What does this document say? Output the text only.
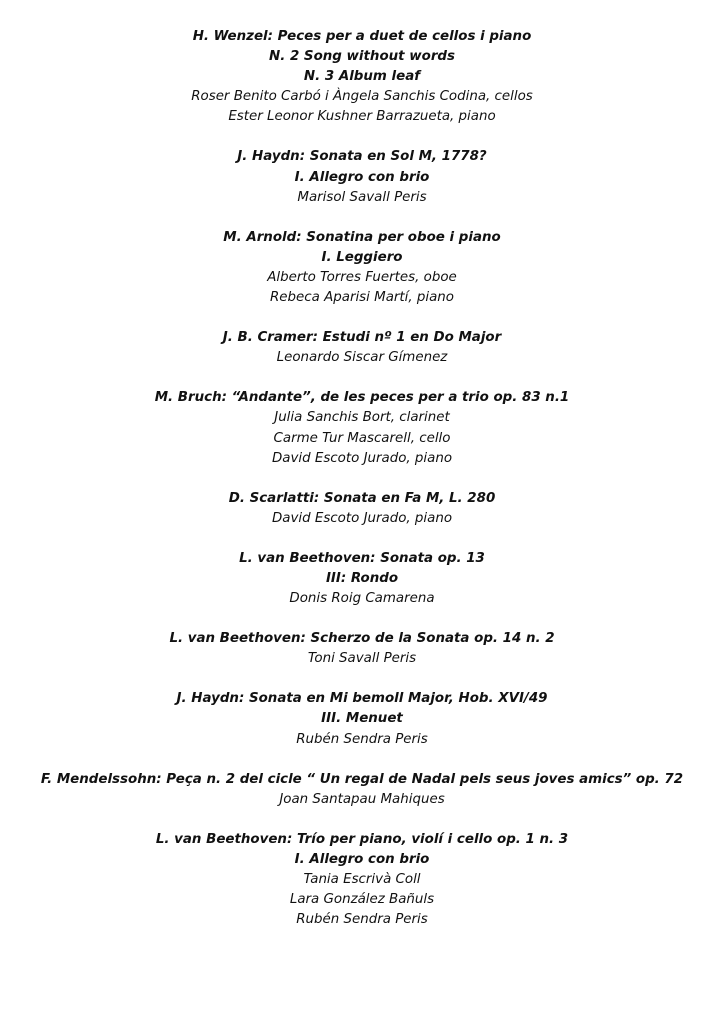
H. Wenzel: Peces per a duet de cellos i piano
N. 2 Song without words
N. 3 Album leaf
Roser Benito Carbó i Àngela Sanchis Codina, cellos
Ester Leonor Kushner Barrazueta, piano
J. Haydn: Sonata en Sol M, 1778?
I. Allegro con brio
Marisol Savall Peris
M. Arnold: Sonatina per oboe i piano
I. Leggiero
Alberto Torres Fuertes, oboe
Rebeca Aparisi Martí, piano
J. B. Cramer: Estudi nº 1 en Do Major
Leonardo Siscar Gímenez
M. Bruch: “Andante”, de les peces per a trio op. 83 n.1
Julia Sanchis Bort, clarinet
Carme Tur Mascarell, cello
David Escoto Jurado, piano
D. Scarlatti: Sonata en Fa M, L. 280
David Escoto Jurado, piano
L. van Beethoven: Sonata op. 13
III: Rondo
Donis Roig Camarena
L. van Beethoven: Scherzo de la Sonata op. 14 n. 2
Toni Savall Peris
J. Haydn: Sonata en Mi bemoll Major, Hob. XVI/49
III. Menuet
Rubén Sendra Peris
F. Mendelssohn: Peça n. 2 del cicle “ Un regal de Nadal pels seus joves amics” op. 72
Joan Santapau Mahiques
L. van Beethoven: Trío per piano, violí i cello op. 1 n. 3
I. Allegro con brio
Tania Escrivà Coll
Lara González Bañuls
Rubén Sendra Peris
